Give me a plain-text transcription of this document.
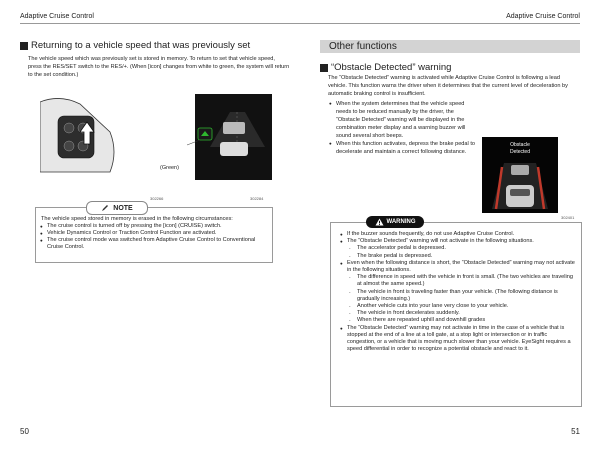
Adaptive Cruise Control	Adaptive Cruise Control
Returning to a vehicle speed that was previously set
The vehicle speed which was previously set is stored in memory. To return to set that vehicle speed, press the RES/SET switch to the RES/+. (When [icon] changes from white to green, the system will return to the set condition.)
(Green)
60 MPH
302266	302284
NOTE
The vehicle speed stored in memory is erased in the following circumstances:
● The cruise control is turned off by pressing the [icon] (CRUISE) switch.
● Vehicle Dynamics Control or Traction Control Function are activated.
● The cruise control mode was switched from Adaptive Cruise Control to Conventional Cruise Control.
50
Other functions
“Obstacle Detected” warning
The “Obstacle Detected” warning is activated while Adaptive Cruise Control is following a lead vehicle. This function warns the driver when it determines that the current level of deceleration by automatic braking control is insufficient.
● When the system determines that the vehicle speed needs to be reduced manually by the driver, the “Obstacle Detected” warning will be displayed in the combination meter display and a warning buzzer will sound several short beeps.
● When this function activates, depress the brake pedal to decelerate and maintain a correct following distance.
Obstacle
Detected
302401
WARNING
● If the buzzer sounds frequently, do not use Adaptive Cruise Control.
● The “Obstacle Detected” warning will not activate in the following situations.
- The accelerator pedal is depressed.
- The brake pedal is depressed.
● Even when the following distance is short, the “Obstacle Detected” warning may not activate in the following situations.
- The difference in speed with the vehicle in front is small. (The two vehicles are traveling at almost the same speed.)
- The vehicle in front is traveling faster than your vehicle. (The following distance is gradually increasing.)
- Another vehicle cuts into your lane very close to your vehicle.
- The vehicle in front decelerates suddenly.
- When there are repeated uphill and downhill grades
● The “Obstacle Detected” warning may not activate in time in the case of a vehicle that is stopped at the end of a line at a toll gate, at a stop light or intersection or in traffic congestion, or a vehicle that is moving much slower than your vehicle. EyeSight requires a speed differential in order to recognize a potential obstacle and react to it.
51
